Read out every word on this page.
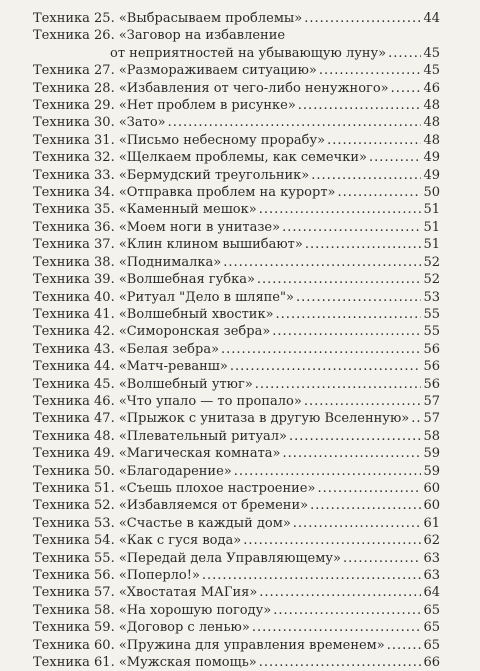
Техника 25. «Выбрасываем проблемы» .....	44
Техника 26. «Заговор на избавление
от неприятностей на убывающую луну» .....	45
Техника 27. «Размораживаем ситуацию» .....	45
Техника 28. «Избавления от чего-либо ненужного» .....	46
Техника 29. «Нет проблем в рисунке» .....	48
Техника 30. «Зато» .....	48
Техника 31. «Письмо небесному прорабу» .....	48
Техника 32. «Щелкаем проблемы, как семечки» .....	49
Техника 33. «Бермудский треугольник» .....	49
Техника 34. «Отправка проблем на курорт» .....	50
Техника 35. «Каменный мешок» .....	51
Техника 36. «Моем ноги в унитазе» .....	51
Техника 37. «Клин клином вышибают» .....	51
Техника 38. «Поднималка» .....	52
Техника 39. «Волшебная губка» .....	52
Техника 40. «Ритуал "Дело в шляпе"» .....	53
Техника 41. «Волшебный хвостик» .....	55
Техника 42. «Симоронская зебра» .....	55
Техника 43. «Белая зебра» .....	56
Техника 44. «Матч-реванш» .....	56
Техника 45. «Волшебный утюг» .....	56
Техника 46. «Что упало — то пропало» .....	57
Техника 47. «Прыжок с унитаза в другую Вселенную» ..... 57
Техника 48. «Плевательный ритуал» .....	58
Техника 49. «Магическая комната» .....	59
Техника 50. «Благодарение» .....	59
Техника 51. «Съешь плохое настроение» .....	60
Техника 52. «Избавляемся от бремени» .....	60
Техника 53. «Счастье в каждый дом» .....	61
Техника 54. «Как с гуся вода» .....	62
Техника 55. «Передай дела Управляющему» .....	63
Техника 56. «Поперло!» .....	63
Техника 57. «Хвостатая МАГия» .....	64
Техника 58. «На хорошую погоду» .....	65
Техника 59. «Договор с ленью» .....	65
Техника 60. «Пружина для управления временем» .....	65
Техника 61. «Мужская помощь» .....	66
